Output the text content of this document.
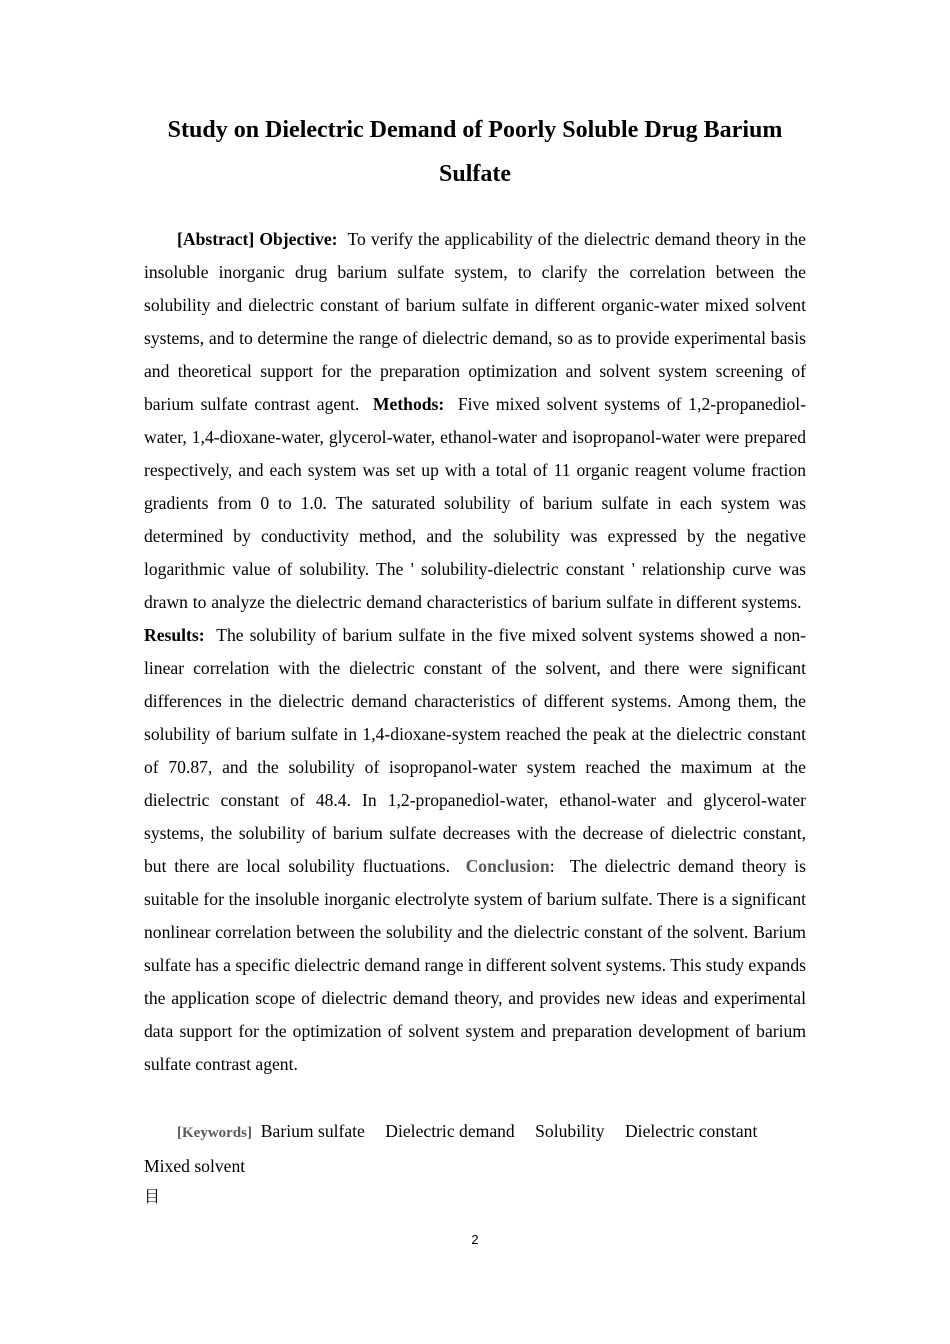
Study on Dielectric Demand of Poorly Soluble Drug Barium Sulfate

[Abstract] Objective: To verify the applicability of the dielectric demand theory in the insoluble inorganic drug barium sulfate system, to clarify the correlation between the solubility and dielectric constant of barium sulfate in different organic-water mixed solvent systems, and to determine the range of dielectric demand, so as to provide experimental basis and theoretical support for the preparation optimization and solvent system screening of barium sulfate contrast agent. Methods: Five mixed solvent systems of 1,2-propanediol-water, 1,4-dioxane-water, glycerol-water, ethanol-water and isopropanol-water were prepared respectively, and each system was set up with a total of 11 organic reagent volume fraction gradients from 0 to 1.0. The saturated solubility of barium sulfate in each system was determined by conductivity method, and the solubility was expressed by the negative logarithmic value of solubility. The ' solubility-dielectric constant ' relationship curve was drawn to analyze the dielectric demand characteristics of barium sulfate in different systems.  Results: The solubility of barium sulfate in the five mixed solvent systems showed a non-linear correlation with the dielectric constant of the solvent, and there were significant differences in the dielectric demand characteristics of different systems. Among them, the solubility of barium sulfate in 1,4-dioxane-system reached the peak at the dielectric constant of 70.87, and the solubility of isopropanol-water system reached the maximum at the dielectric constant of 48.4. In 1,2-propanediol-water, ethanol-water and glycerol-water systems, the solubility of barium sulfate decreases with the decrease of dielectric constant, but there are local solubility fluctuations. Conclusion: The dielectric demand theory is suitable for the insoluble inorganic electrolyte system of barium sulfate. There is a significant nonlinear correlation between the solubility and the dielectric constant of the solvent. Barium sulfate has a specific dielectric demand range in different solvent systems. This study expands the application scope of dielectric demand theory, and provides new ideas and experimental data support for the optimization of solvent system and preparation development of barium sulfate contrast agent.

[Keywords] Barium sulfate Dielectric demand Solubility Dielectric constant Mixed solvent

目
2
